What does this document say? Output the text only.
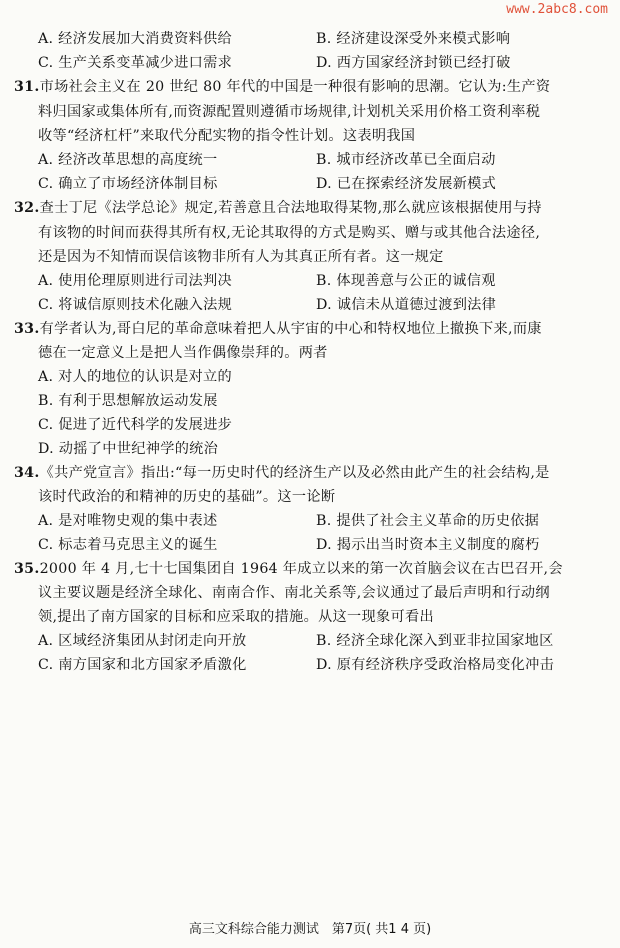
www.2abc8.com
A. 经济发展加大消费资料供给	B. 经济建设深受外来模式影响
C. 生产关系变革减少进口需求	D. 西方国家经济封锁已经打破
31.市场社会主义在 20 世纪 80 年代的中国是一种很有影响的思潮。它认为:生产资
料归国家或集体所有,而资源配置则遵循市场规律,计划机关采用价格工资利率税
收等“经济杠杆”来取代分配实物的指令性计划。这表明我国
A. 经济改革思想的高度统一	B. 城市经济改革已全面启动
C. 确立了市场经济体制目标	D. 已在探索经济发展新模式
32.查士丁尼《法学总论》规定,若善意且合法地取得某物,那么就应该根据使用与持
有该物的时间而获得其所有权,无论其取得的方式是购买、赠与或其他合法途径,
还是因为不知情而误信该物非所有人为其真正所有者。这一规定
A. 使用伦理原则进行司法判决	B. 体现善意与公正的诚信观
C. 将诚信原则技术化融入法规	D. 诚信未从道德过渡到法律
33.有学者认为,哥白尼的革命意味着把人从宇宙的中心和特权地位上撤换下来,而康
德在一定意义上是把人当作偶像崇拜的。两者
A. 对人的地位的认识是对立的
B. 有利于思想解放运动发展
C. 促进了近代科学的发展进步
D. 动摇了中世纪神学的统治
34.《共产党宣言》指出:“每一历史时代的经济生产以及必然由此产生的社会结构,是
该时代政治的和精神的历史的基础”。这一论断
A. 是对唯物史观的集中表述	B. 提供了社会主义革命的历史依据
C. 标志着马克思主义的诞生	D. 揭示出当时资本主义制度的腐朽
35.2000 年 4 月,七十七国集团自 1964 年成立以来的第一次首脑会议在古巴召开,会
议主要议题是经济全球化、南南合作、南北关系等,会议通过了最后声明和行动纲
领,提出了南方国家的目标和应采取的措施。从这一现象可看出
A. 区域经济集团从封闭走向开放	B. 经济全球化深入到亚非拉国家地区
C. 南方国家和北方国家矛盾激化	D. 原有经济秩序受政治格局变化冲击
高三文科综合能力测试　第7页( 共1 4 页)
